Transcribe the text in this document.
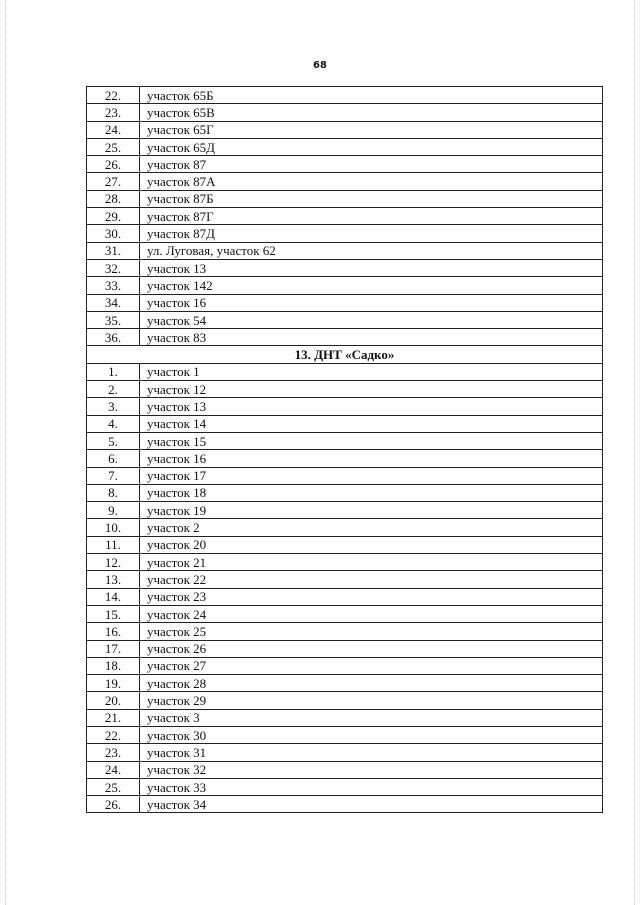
68
22.	участок 65Б
23.	участок 65В
24.	участок 65Г
25.	участок 65Д
26.	участок 87
27.	участок 87А
28.	участок 87Б
29.	участок 87Г
30.	участок 87Д
31.	ул. Луговая, участок 62
32.	участок 13
33.	участок 142
34.	участок 16
35.	участок 54
36.	участок 83
13. ДНТ «Садко»	
1.	участок 1
2.	участок 12
3.	участок 13
4.	участок 14
5.	участок 15
6.	участок 16
7.	участок 17
8.	участок 18
9.	участок 19
10.	участок 2
11.	участок 20
12.	участок 21
13.	участок 22
14.	участок 23
15.	участок 24
16.	участок 25
17.	участок 26
18.	участок 27
19.	участок 28
20.	участок 29
21.	участок 3
22.	участок 30
23.	участок 31
24.	участок 32
25.	участок 33
26.	участок 34
